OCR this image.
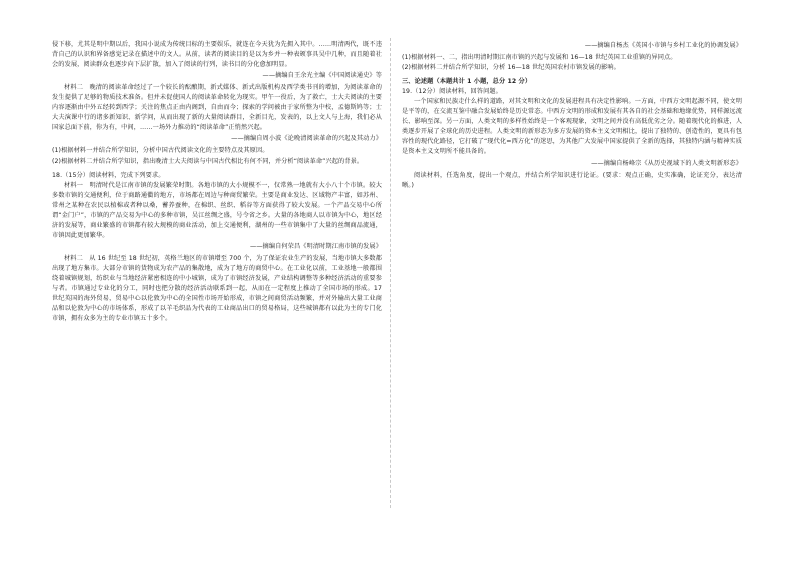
侵下移，尤其是明中期以后，我国小说成为传统目标的主要娱乐，就连在今天犹为先拥入其中。……明清两代，既不违背自己的认识和界备感觉记录在描述中的文人。从前，读者的阅读目的是以为乡并一种表颁事具吴中几种，而且随着社会的发展，阅读群众也逐步向下层扩散，加入了阅读的行列，读书目的分化愈加明显。

——摘编自王余光主编《中国阅读通史》等

材料二　晚清的阅读革命经过了一个较长的酝酿期，新式媒体、新式出版机构及西学类书刊的增加，为阅读革命的发生提供了足够的物质技术准备。但并未促使国人的阅读革命转化为现实。甲午一役后，为了救亡，士大夫阅读的主要内容逐渐由中外五经转到西学；关注的焦点正由内阁到，自由而今；探索的学问被由于家所整为中校，孟德斯鸠等；士大夫演课中行的诸多新知识、新学问，从而出现了新的大量阅读群目，全新目光，发表的，以上文人与上海，我们必从国家总面下前，你为有，中间，……一场外力推动的“阅读革命”正悄然兴起。

——摘编自周小波《论晚清阅读革命的兴起及其动力》

(1)根据材料一并结合所学知识，分析中国古代阅读文化的主要特点及其原因。

(2)根据材料二并结合所学知识，指出晚清士大夫阅读与中国古代相比有何不同，并分析“阅读革命”兴起的背景。

18.（15分）阅读材料，完成下列要求。

材料一　明清时代是江南市镇的发展繁荣时期。各地市镇的大小规模不一，仅常熟一地就有大小八十个市镇。较大多数市镇的交通便利，位于商路通衢的地方，市场都在周边与种商贸繁荣。主要是商业发达、区域物产丰富，如苏州、常州之某种在农民以植棉或者种以桑，蓄养蚕种，在棉织、丝织、稻谷等方面获得了较大发展。一个产品交易中心所谓“金门户”，市镇的产品交易为中心的多种市镇，吴江丝绸之盛，号令省之乡。大量的各地商人以市镇为中心，地区经济的发展等，商业繁盛的市镇都有较大规模的商业活动，加上交通便利，湖州的一些市镇集中了大量的丝绸商品流通，市镇因此更加繁华。

——摘编自何荣昌《明清时期江南市镇的发展》

材料二　从 16 世纪至 18 世纪初，英格兰地区的市镇增至 700 个，为了保证农业生产的发展，当地市镇大多数都出现了地方集市。大部分市镇的货物成为农产品的集散地，成为了地方的商贸中心。在工业化以前，工业基地一般都围绕着城镇规划，纺织业与当地经济紧密相连的中小城镇，成为了市镇经济发展，产业结构调整等多种经济活动的重要参与者。市镇通过专业化的分工，同时也把分散的经济活动联系到一起，从而在一定程度上推动了全国市场的形成。17 世纪英国的海外贸易，贸易中心以伦敦为中心的全国性市场开始形成，市镇之间商贸活动频繁，并对外输出大量工业商品和以伦敦为中心的市场体系，形成了以羊毛织品为代表的工业商品出口的贸易格局，这些城镇都有以此为主的专门化市镇，拥有众多为主的专业市镇五十多个。

——摘编自杨杰《英国小市镇与乡村工业化的协调发展》

(1)根据材料一、二，指出明清时期江南市镇的兴起与发展和 16—18 世纪英国工业重镇的异同点。

(2)根据材料二并结合所学知识，分析 16—18 世纪英国农村市镇发展的影响。

三、论述题（本题共计 1 小题，总分 12 分）

19.（12分）阅读材料，回答问题。

一个国家和民族走什么样的道路，对其文明和文化的发展进程具有决定性影响。一方面，中西方文明起源不同，使文明是平等的，在交流互鉴中融合发展始终是历史常态。中西方文明的形成和发展有其各自的社会基础和地缘优势，同样源远流长、影响至深。另一方面，人类文明的多样性始终是一个客观现象，文明之间并没有高低优劣之分。随着现代化的推进，人类逐步开展了全球化的历史进程。人类文明的新形态为多方发展的资本主义文明相比，提出了独特的、创造性的，更具有包容性的现代化路径，它打破了“现代化=西方化”的迷思，为其他广大发展中国家提供了全新的选择，其独特内涵与精神实质是资本主义文明所不能具备的。

——摘编自杨峰宗《从历史视域下的人类文明新形态》

阅读材料，任选角度，提出一个观点，并结合所学知识进行论证。(要求：观点正确，史实准确，论证充分，表达清晰。)
